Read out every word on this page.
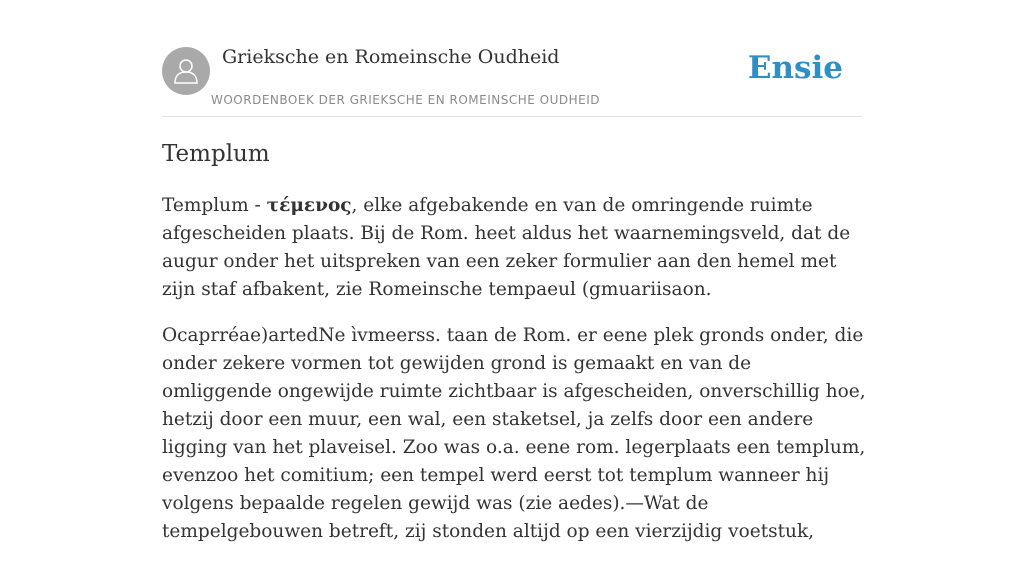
Grieksche en Romeinsche Oudheid
WOORDENBOEK DER GRIEKSCHE EN ROMEINSCHE OUDHEID
Ensie
Templum

Templum - τέμενος, elke afgebakende en van de omringende ruimte afgescheiden plaats. Bij de Rom. heet aldus het waarnemingsveld, dat de augur onder het uitspreken van een zeker formulier aan den hemel met zijn staf afbakent, zie Romeinsche tempaeul (gmuariisaon.

Ocaprréae)artedNe ìvmeerss. taan de Rom. er eene plek gronds onder, die onder zekere vormen tot gewijden grond is gemaakt en van de omliggende ongewijde ruimte zichtbaar is afgescheiden, onverschillig hoe, hetzij door een muur, een wal, een staketsel, ja zelfs door een andere ligging van het plaveisel. Zoo was o.a. eene rom. legerplaats een templum, evenzoo het comitium; een tempel werd eerst tot templum wanneer hij volgens bepaalde regelen gewijd was (zie aedes).—Wat de tempelgebouwen betreft, zij stonden altijd op een vierzijdig voetstuk,
